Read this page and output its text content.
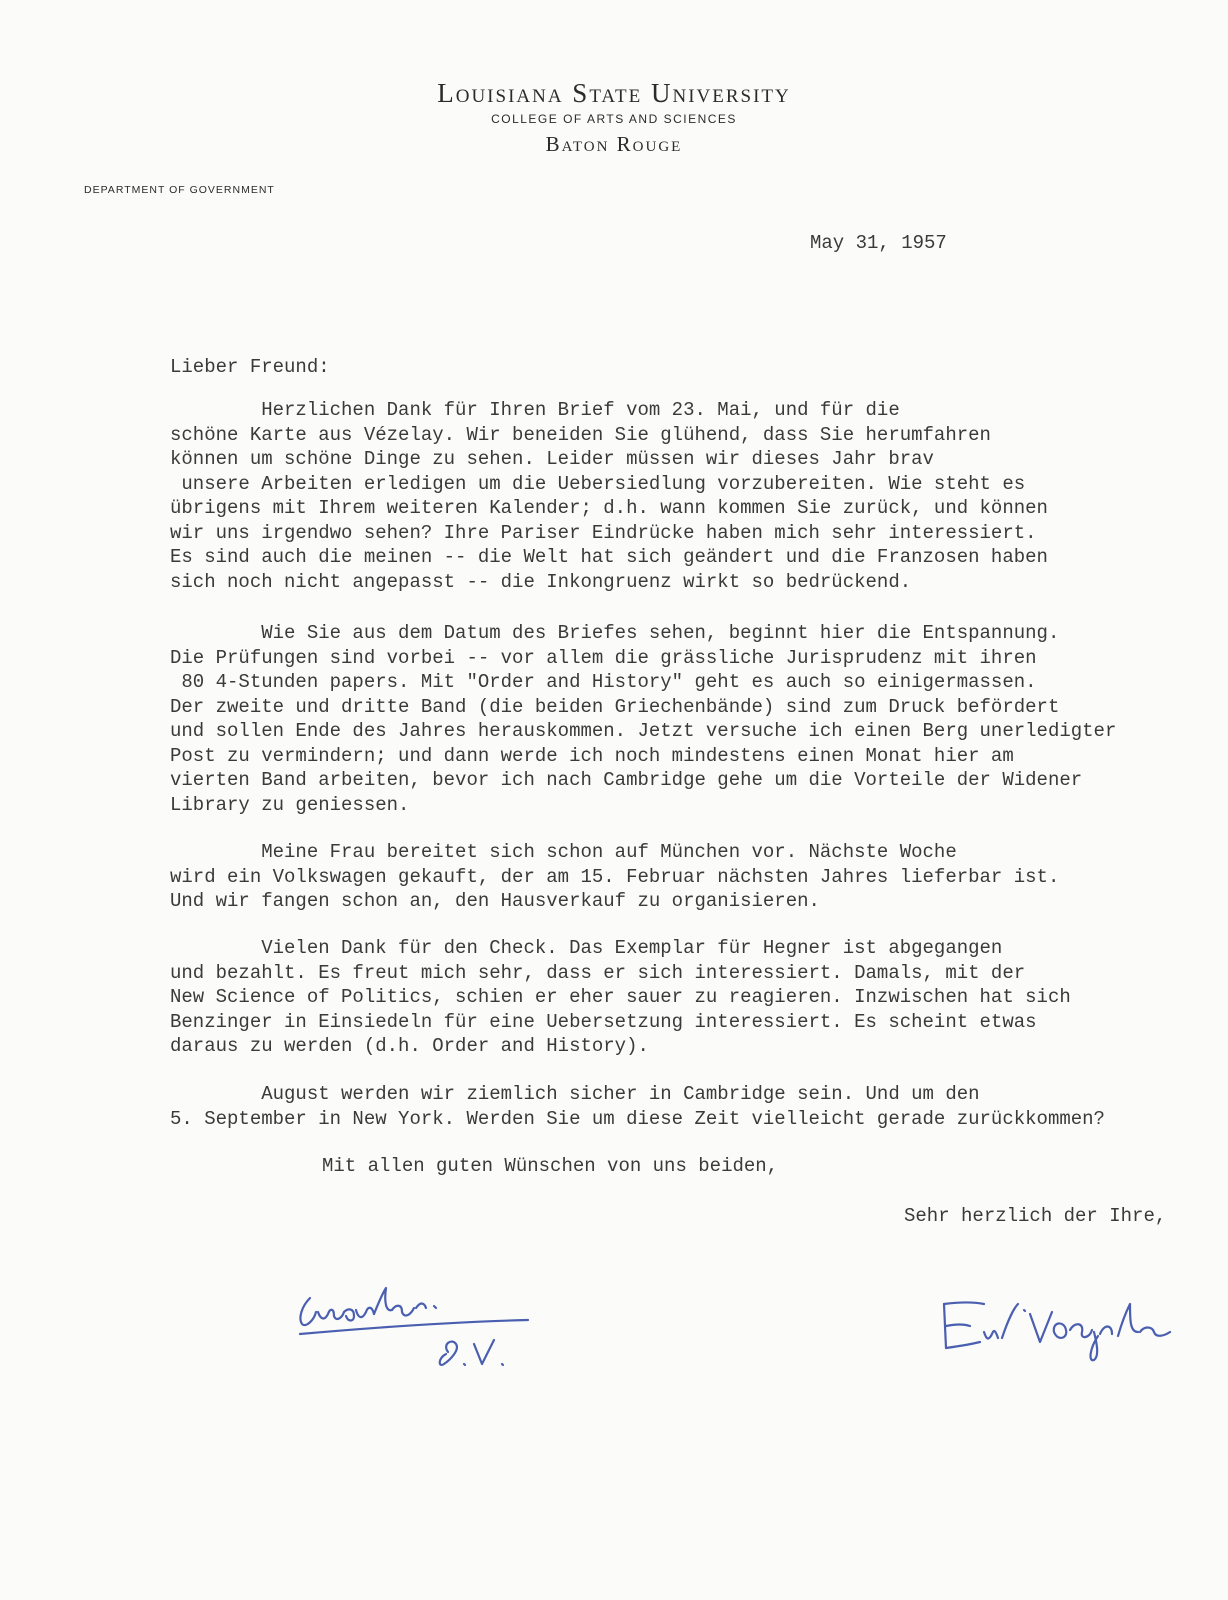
Louisiana State University
COLLEGE OF ARTS AND SCIENCES
Baton Rouge
DEPARTMENT OF GOVERNMENT
May 31, 1957
Lieber Freund:
Herzlichen Dank für Ihren Brief vom 23. Mai, und für die
schöne Karte aus Vézelay. Wir beneiden Sie glühend, dass Sie herumfahren
können um schöne Dinge zu sehen. Leider müssen wir dieses Jahr brav
unsere Arbeiten erledigen um die Uebersiedlung vorzubereiten. Wie steht es
übrigens mit Ihrem weiteren Kalender; d.h. wann kommen Sie zurück, und können
wir uns irgendwo sehen? Ihre Pariser Eindrücke haben mich sehr interessiert.
Es sind auch die meinen -- die Welt hat sich geändert und die Franzosen haben
sich noch nicht angepasst -- die Inkongruenz wirkt so bedrückend.
Wie Sie aus dem Datum des Briefes sehen, beginnt hier die Entspannung.
Die Prüfungen sind vorbei -- vor allem die grässliche Jurisprudenz mit ihren
80 4-Stunden papers. Mit "Order and History" geht es auch so einigermassen.
Der zweite und dritte Band (die beiden Griechenbände) sind zum Druck befördert
und sollen Ende des Jahres herauskommen. Jetzt versuche ich einen Berg unerledigter
Post zu vermindern; und dann werde ich noch mindestens einen Monat hier am
vierten Band arbeiten, bevor ich nach Cambridge gehe um die Vorteile der Widener
Library zu geniessen.
Meine Frau bereitet sich schon auf München vor. Nächste Woche
wird ein Volkswagen gekauft, der am 15. Februar nächsten Jahres lieferbar ist.
Und wir fangen schon an, den Hausverkauf zu organisieren.
Vielen Dank für den Check. Das Exemplar für Hegner ist abgegangen
und bezahlt. Es freut mich sehr, dass er sich interessiert. Damals, mit der
New Science of Politics, schien er eher sauer zu reagieren. Inzwischen hat sich
Benzinger in Einsiedeln für eine Uebersetzung interessiert. Es scheint etwas
daraus zu werden (d.h. Order and History).
August werden wir ziemlich sicher in Cambridge sein. Und um den
5. September in New York. Werden Sie um diese Zeit vielleicht gerade zurückkommen?
Mit allen guten Wünschen von uns beiden,
Sehr herzlich der Ihre,
